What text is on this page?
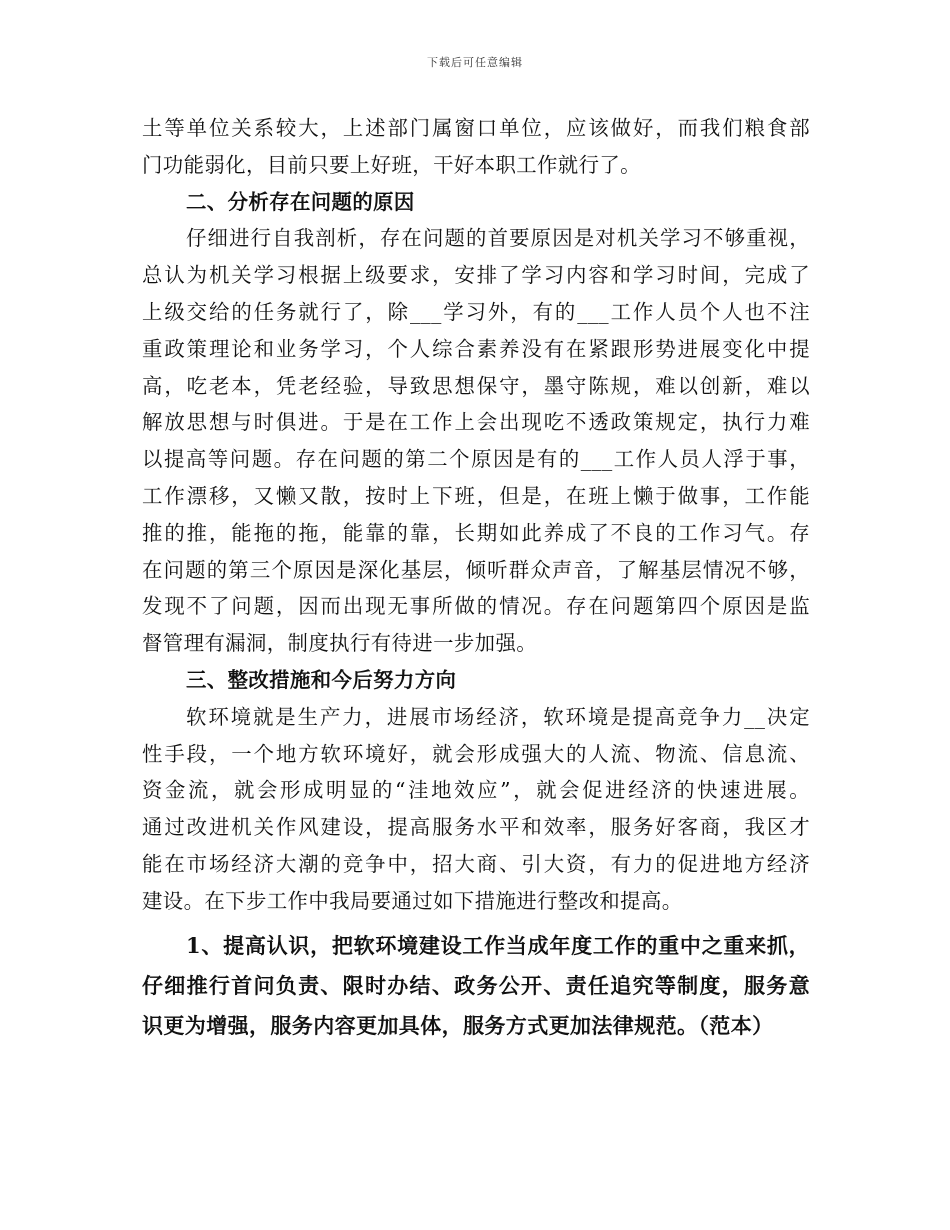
下载后可任意编辑
土等单位关系较大，上述部门属窗口单位，应该做好，而我们粮食部
门功能弱化，目前只要上好班，干好本职工作就行了。
二、分析存在问题的原因
仔细进行自我剖析，存在问题的首要原因是对机关学习不够重视，
总认为机关学习根据上级要求，安排了学习内容和学习时间，完成了
上级交给的任务就行了，除___学习外，有的___工作人员个人也不注
重政策理论和业务学习，个人综合素养没有在紧跟形势进展变化中提
高，吃老本，凭老经验，导致思想保守，墨守陈规，难以创新，难以
解放思想与时俱进。于是在工作上会出现吃不透政策规定，执行力难
以提高等问题。存在问题的第二个原因是有的___工作人员人浮于事，
工作漂移，又懒又散，按时上下班，但是，在班上懒于做事，工作能
推的推，能拖的拖，能靠的靠，长期如此养成了不良的工作习气。存
在问题的第三个原因是深化基层，倾听群众声音，了解基层情况不够，
发现不了问题，因而出现无事所做的情况。存在问题第四个原因是监
督管理有漏洞，制度执行有待进一步加强。
三、整改措施和今后努力方向
软环境就是生产力，进展市场经济，软环境是提高竞争力__决定
性手段，一个地方软环境好，就会形成强大的人流、物流、信息流、
资金流，就会形成明显的“洼地效应”，就会促进经济的快速进展。
通过改进机关作风建设，提高服务水平和效率，服务好客商，我区才
能在市场经济大潮的竞争中，招大商、引大资，有力的促进地方经济
建设。在下步工作中我局要通过如下措施进行整改和提高。
1、提高认识，把软环境建设工作当成年度工作的重中之重来抓，
仔细推行首问负责、限时办结、政务公开、责任追究等制度，服务意
识更为增强，服务内容更加具体，服务方式更加法律规范。（范本）
